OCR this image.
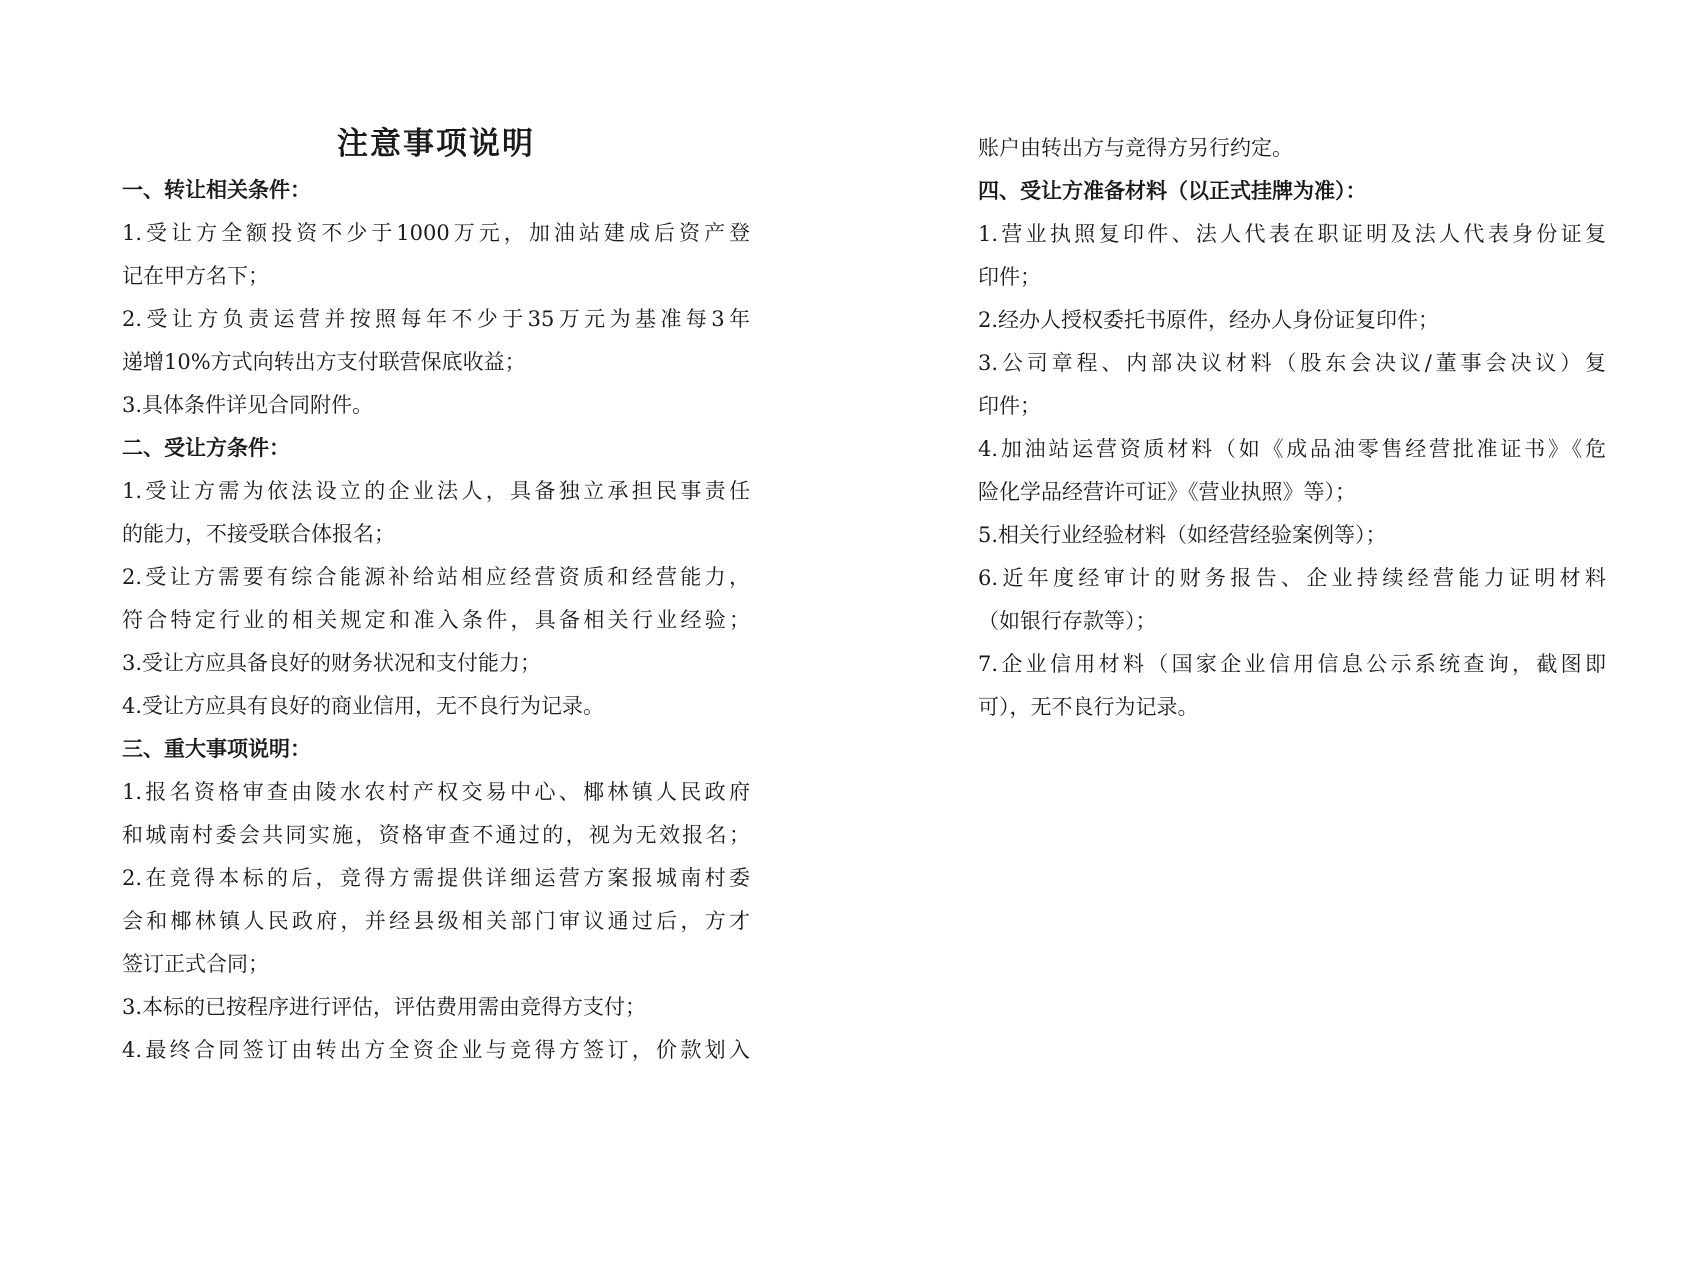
注意事项说明
一、转让相关条件：
1.受让方全额投资不少于1000万元，加油站建成后资产登
记在甲方名下；
2.受让方负责运营并按照每年不少于35万元为基准每3年
递增10%方式向转出方支付联营保底收益；
3.具体条件详见合同附件。
二、受让方条件：
1.受让方需为依法设立的企业法人，具备独立承担民事责任
的能力，不接受联合体报名；
2.受让方需要有综合能源补给站相应经营资质和经营能力，
符合特定行业的相关规定和准入条件，具备相关行业经验；
3.受让方应具备良好的财务状况和支付能力；
4.受让方应具有良好的商业信用，无不良行为记录。
三、重大事项说明：
1.报名资格审查由陵水农村产权交易中心、椰林镇人民政府
和城南村委会共同实施，资格审查不通过的，视为无效报名；
2.在竞得本标的后，竞得方需提供详细运营方案报城南村委
会和椰林镇人民政府，并经县级相关部门审议通过后，方才
签订正式合同；
3.本标的已按程序进行评估，评估费用需由竞得方支付；
4.最终合同签订由转出方全资企业与竞得方签订，价款划入
账户由转出方与竞得方另行约定。
四、受让方准备材料（以正式挂牌为准）：
1.营业执照复印件、法人代表在职证明及法人代表身份证复
印件；
2.经办人授权委托书原件，经办人身份证复印件；
3.公司章程、内部决议材料（股东会决议/董事会决议）复
印件；
4.加油站运营资质材料（如《成品油零售经营批准证书》《危
险化学品经营许可证》《营业执照》等）；
5.相关行业经验材料（如经营经验案例等）；
6.近年度经审计的财务报告、企业持续经营能力证明材料
（如银行存款等）；
7.企业信用材料（国家企业信用信息公示系统查询，截图即
可），无不良行为记录。
